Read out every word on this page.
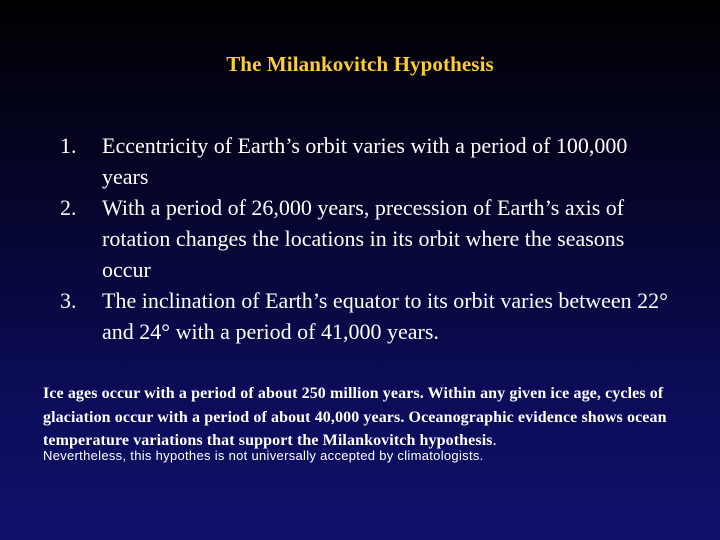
The Milankovitch Hypothesis
1.	Eccentricity of Earth’s orbit varies with a period of 100,000 years
2.	With a period of 26,000 years, precession of Earth’s axis of rotation changes the locations in its orbit where the seasons occur
3.	The inclination of Earth’s equator to its orbit varies between 22° and 24° with a period of 41,000 years.
Ice ages occur with a period of about 250 million years. Within any given ice age, cycles of glaciation occur with a period of about 40,000 years. Oceanographic evidence shows ocean temperature variations that support the Milankovitch hypothesis.
Nevertheless, this hypothes is not universally accepted by climatologists.
